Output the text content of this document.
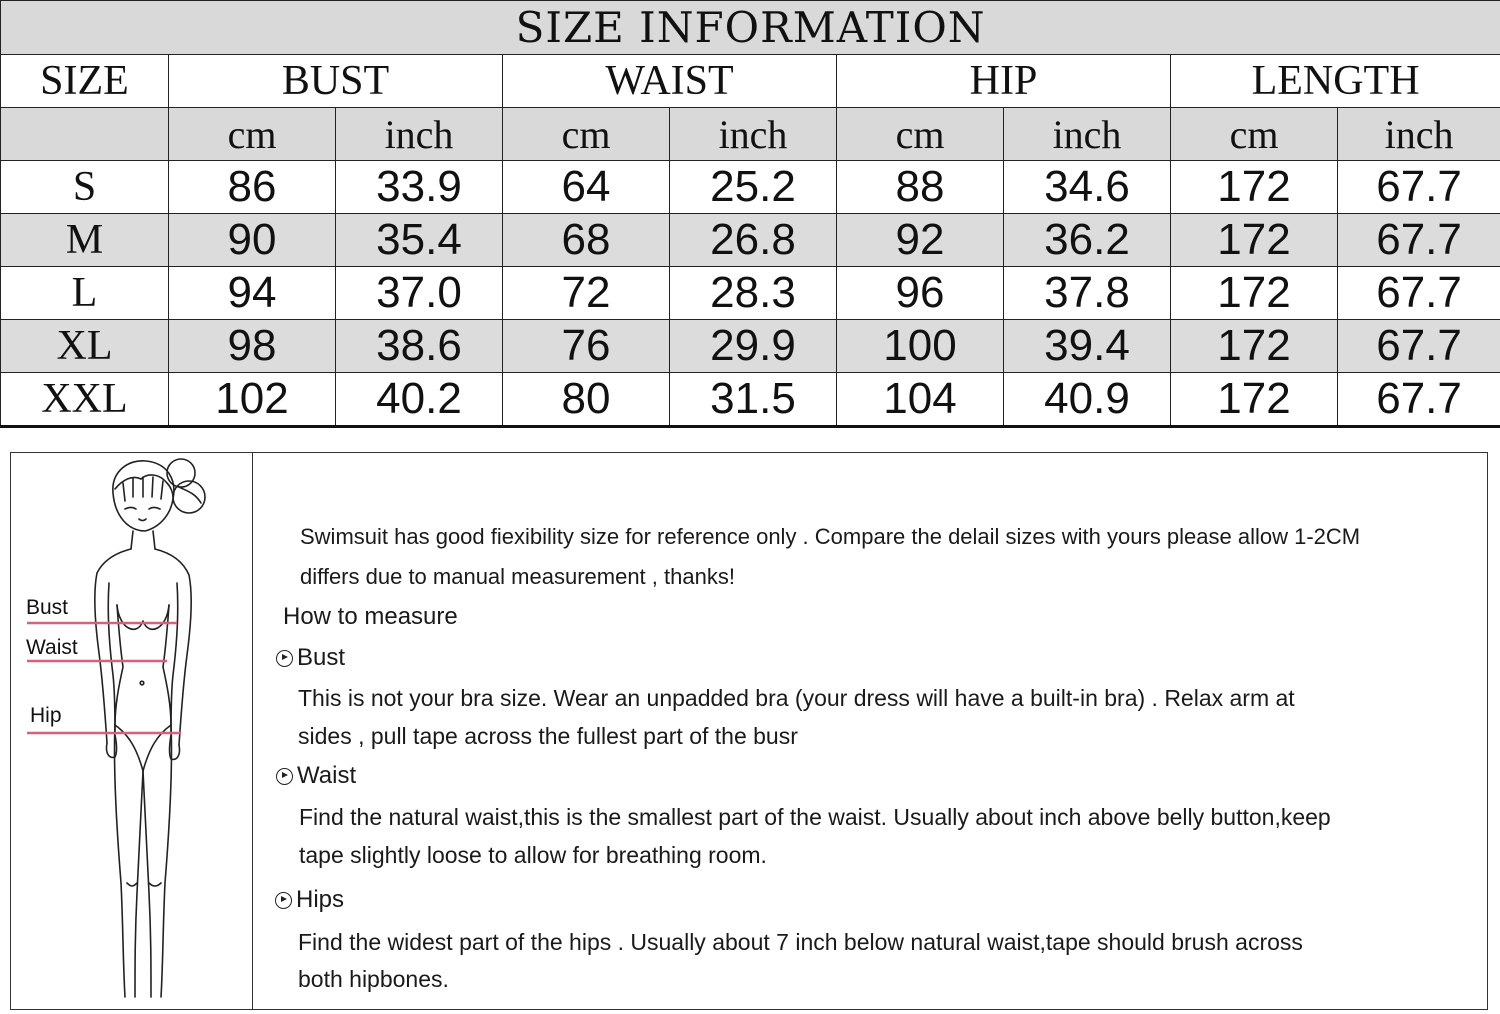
SIZE INFORMATION								
SIZE	BUST		WAIST		HIP		LENGTH	
	cm	inch	cm	inch	cm	inch	cm	inch
S	86	33.9	64	25.2	88	34.6	172	67.7
M	90	35.4	68	26.8	92	36.2	172	67.7
L	94	37.0	72	28.3	96	37.8	172	67.7
XL	98	38.6	76	29.9	100	39.4	172	67.7
XXL	102	40.2	80	31.5	104	40.9	172	67.7
Bust
Waist
Hip
Swimsuit has good fiexibility size for reference only . Compare the delail sizes with yours please allow 1-2CM
differs due to manual measurement , thanks!
How to measure
Bust
This is not your bra size. Wear an unpadded bra (your dress will have a built-in bra) . Relax arm at
sides , pull tape across the fullest part of the busr
Waist
Find the natural waist,this is the smallest part of the waist. Usually about inch above belly button,keep
tape slightly loose to allow for breathing room.
Hips
Find the widest part of the hips . Usually about 7 inch below natural waist,tape should brush across
both hipbones.
